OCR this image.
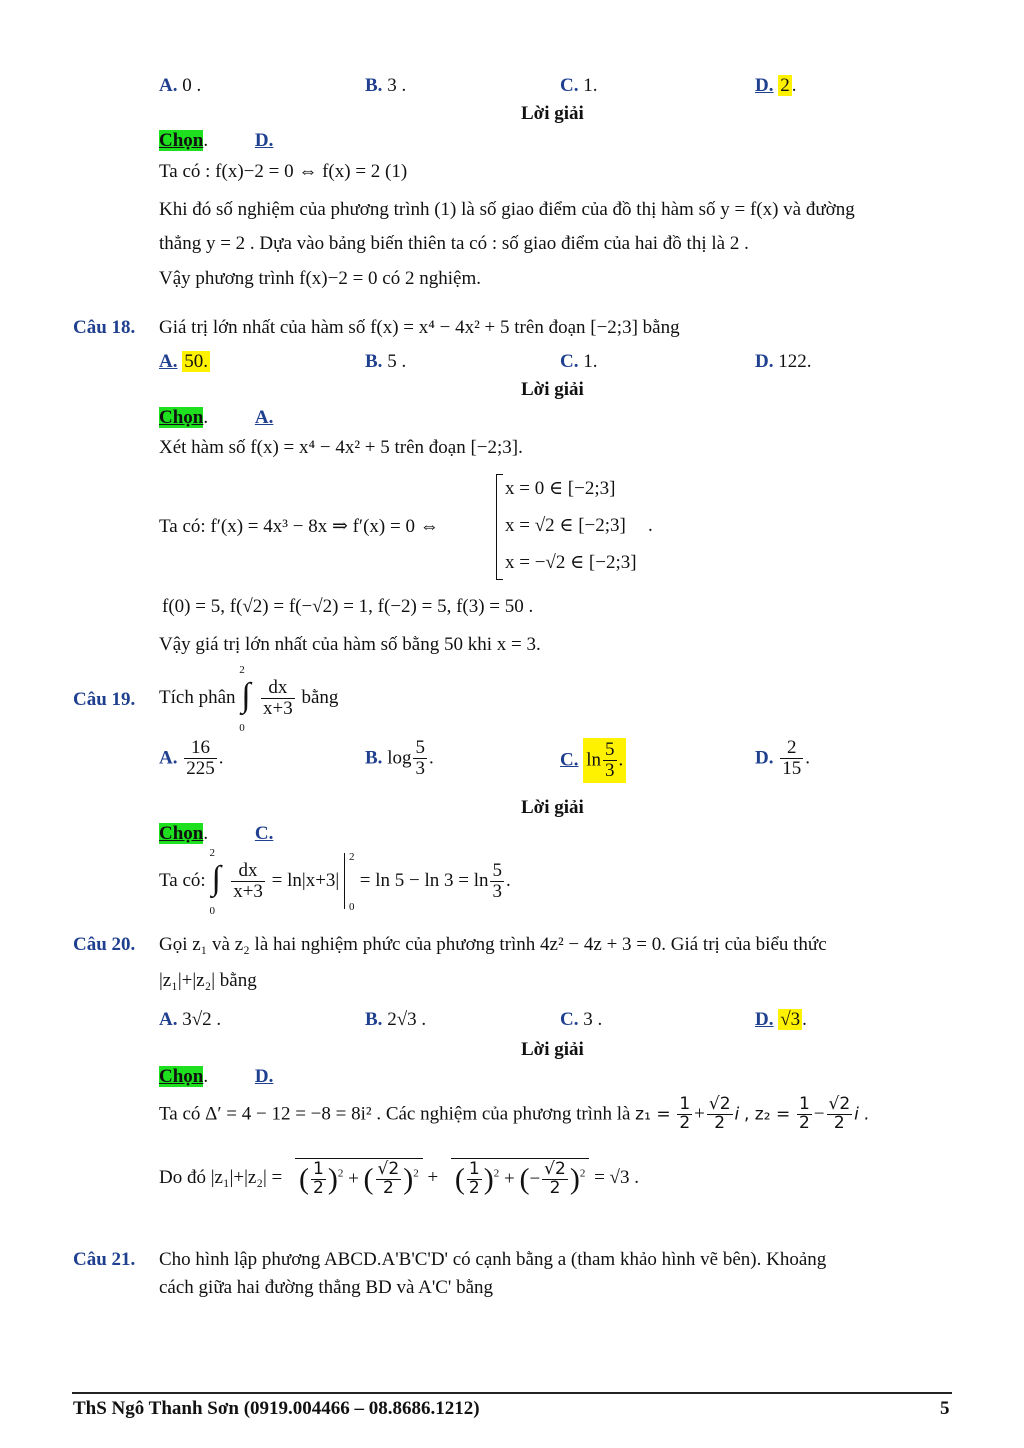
A. 0 .	B. 3 .	C. 1.	D. 2 .
Lời giải
Chọn. D.
Ta có : f(x)−2 = 0 ⇔ f(x) = 2 (1)
Khi đó số nghiệm của phương trình (1) là số giao điểm của đồ thị hàm số y = f(x) và đường
thẳng y = 2 . Dựa vào bảng biến thiên ta có : số giao điểm của hai đồ thị là 2 .
Vậy phương trình f(x)−2 = 0 có 2 nghiệm.
Câu 18. Giá trị lớn nhất của hàm số f(x) = x⁴ − 4x² + 5 trên đoạn [−2;3] bằng
A. 50.	B. 5 .	C. 1.	D. 122.
Lời giải
Chọn. A.
Xét hàm số f(x) = x⁴ − 4x² + 5 trên đoạn [−2;3].
Ta có: f′(x) = 4x³ − 8x ⇒ f′(x) = 0 ⇔
x = 0 ∈ [−2;3]
x = √2 ∈ [−2;3]
x = −√2 ∈ [−2;3]
.
f(0) = 5, f(√2) = f(−√2) = 1, f(−2) = 5, f(3) = 50 .
Vậy giá trị lớn nhất của hàm số bằng 50 khi x = 3.
Câu 19. Tích phân ∫
2
0

$\frac{dx}{x+3}$ bằng
A. $\frac{16}{225}$ .	B. $\log \frac{5}{3}$ .	C. $\ln \frac{5}{3}$ .	D. $\frac{2}{15}$ .
Lời giải
Chọn. C.
Ta có: ∫
2
0

$\frac{dx}{x+3} = \ln|x+3|$
2
0
= $\ln 5 - \ln 3 = \ln \frac{5}{3}$ .
Câu 20. Gọi z₁ và z₂ là hai nghiệm phức của phương trình 4z² − 4z + 3 = 0. Giá trị của biểu thức
|z₁|+|z₂| bằng
A. 3√2 .	B. 2√3 .	C. 3 .	D. √3 .
Lời giải
Chọn. D.
Ta có Δ′ = 4 − 12 = −8 = 8i² . Các nghiệm của phương trình là $z_1 = \frac{1}{2} + \frac{√2}{2}$ i , $z_2 = \frac{1}{2} - \frac{√2}{2}$ i .
Do đó |z₁|+|z₂| = ( $\frac{1}{2} )^2$ + ( $\frac{√2}{2} )^2$ + ( $\frac{1}{2} )^2$ + (− $\frac{√2}{2} )^2 = √3$ .
Câu 21. Cho hình lập phương ABCD.A'B'C'D' có cạnh bằng a (tham khảo hình vẽ bên). Khoảng
cách giữa hai đường thẳng BD và A'C' bằng
ThS Ngô Thanh Sơn (0919.004466 – 08.8686.1212)	5
